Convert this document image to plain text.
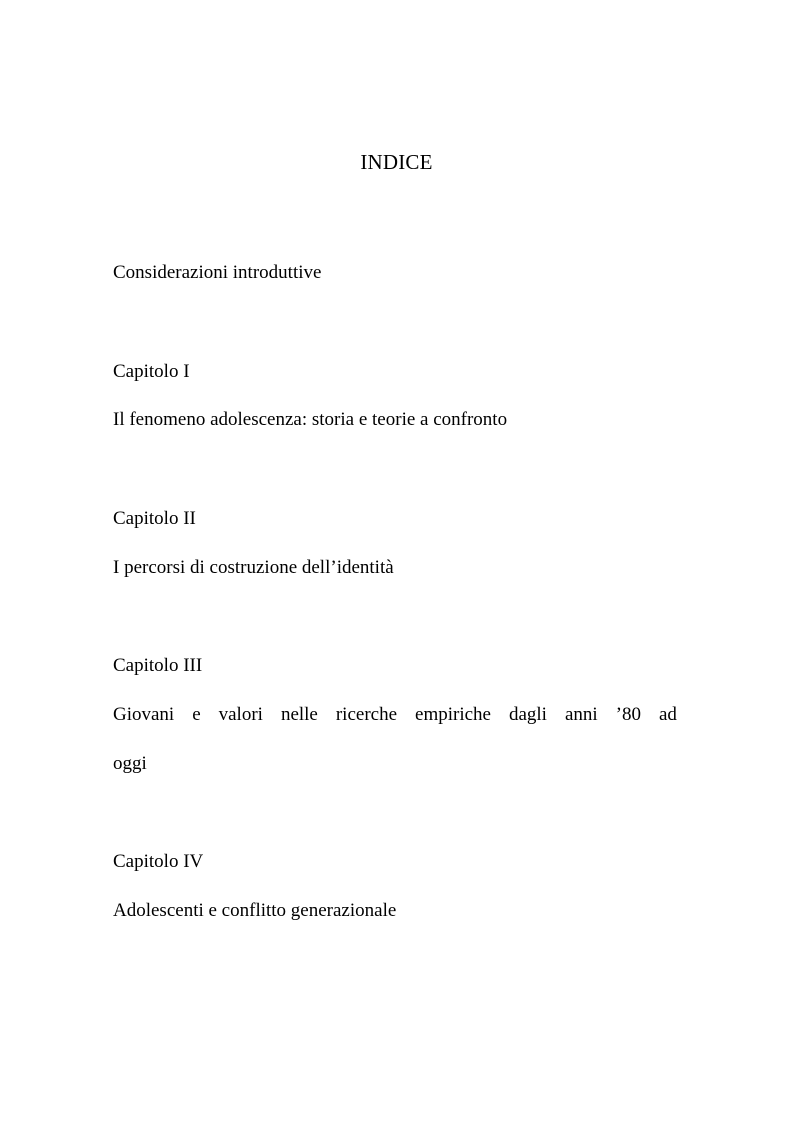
INDICE
Considerazioni introduttive
Capitolo I
Il fenomeno adolescenza: storia e teorie a confronto
Capitolo II
I percorsi di costruzione dell’identità
Capitolo III
Giovani e valori nelle ricerche empiriche dagli anni ’80 ad
oggi
Capitolo IV
Adolescenti e conflitto generazionale
